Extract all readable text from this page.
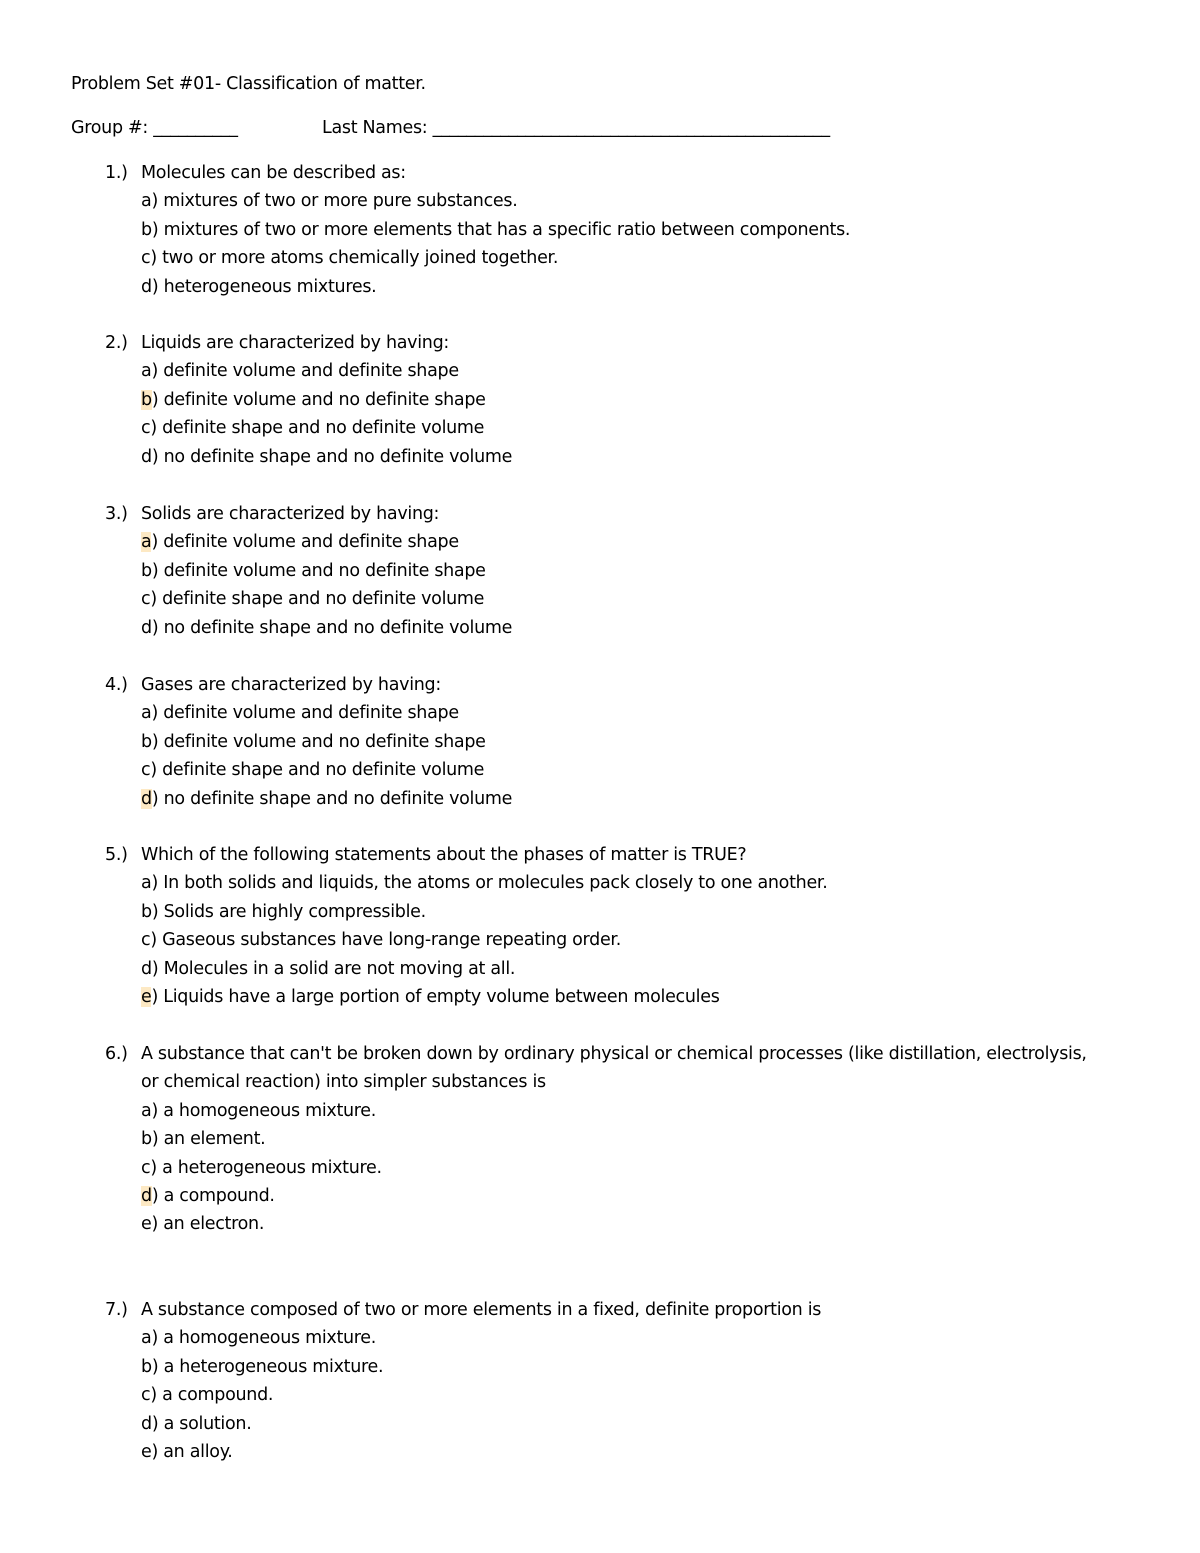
Problem Set #01- Classification of matter.
Group #: __________	Last Names: _______________________________________________
1.) Molecules can be described as:
a) mixtures of two or more pure substances.
b) mixtures of two or more elements that has a specific ratio between components.
c) two or more atoms chemically joined together.
d) heterogeneous mixtures.
2.) Liquids are characterized by having:
a) definite volume and definite shape
b) definite volume and no definite shape
c) definite shape and no definite volume
d) no definite shape and no definite volume
3.) Solids are characterized by having:
a) definite volume and definite shape
b) definite volume and no definite shape
c) definite shape and no definite volume
d) no definite shape and no definite volume
4.) Gases are characterized by having:
a) definite volume and definite shape
b) definite volume and no definite shape
c) definite shape and no definite volume
d) no definite shape and no definite volume
5.) Which of the following statements about the phases of matter is TRUE?
a) In both solids and liquids, the atoms or molecules pack closely to one another.
b) Solids are highly compressible.
c) Gaseous substances have long-range repeating order.
d) Molecules in a solid are not moving at all.
e) Liquids have a large portion of empty volume between molecules
6.) A substance that can't be broken down by ordinary physical or chemical processes (like distillation, electrolysis,
or chemical reaction) into simpler substances is
a) a homogeneous mixture.
b) an element.
c) a heterogeneous mixture.
d) a compound.
e) an electron.
7.) A substance composed of two or more elements in a fixed, definite proportion is
a) a homogeneous mixture.
b) a heterogeneous mixture.
c) a compound.
d) a solution.
e) an alloy.
